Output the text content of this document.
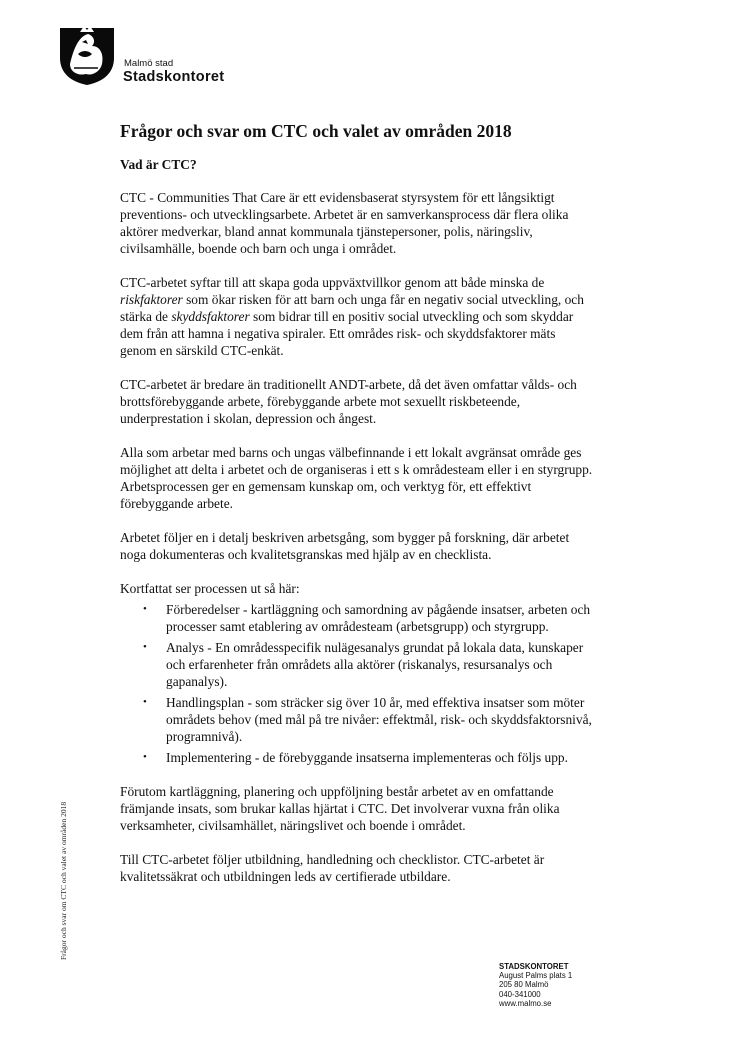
Malmö stad
Stadskontoret
Frågor och svar om CTC och valet av områden 2018
Vad är CTC?

CTC - Communities That Care är ett evidensbaserat styrsystem för ett långsiktigt preventions- och utvecklingsarbete. Arbetet är en samverkansprocess där flera olika aktörer medverkar, bland annat kommunala tjänstepersoner, polis, näringsliv, civilsamhälle, boende och barn och unga i området.

CTC-arbetet syftar till att skapa goda uppväxtvillkor genom att både minska de riskfaktorer som ökar risken för att barn och unga får en negativ social utveckling, och stärka de skyddsfaktorer som bidrar till en positiv social utveckling och som skyddar dem från att hamna i negativa spiraler. Ett områdes risk- och skyddsfaktorer mäts genom en särskild CTC-enkät.

CTC-arbetet är bredare än traditionellt ANDT-arbete, då det även omfattar vålds- och brottsförebyggande arbete, förebyggande arbete mot sexuellt riskbeteende, underprestation i skolan, depression och ångest.

Alla som arbetar med barns och ungas välbefinnande i ett lokalt avgränsat område ges möjlighet att delta i arbetet och de organiseras i ett s k områdesteam eller i en styrgrupp. Arbetsprocessen ger en gemensam kunskap om, och verktyg för, ett effektivt förebyggande arbete.

Arbetet följer en i detalj beskriven arbetsgång, som bygger på forskning, där arbetet noga dokumenteras och kvalitetsgranskas med hjälp av en checklista.

Kortfattat ser processen ut så här:

• Förberedelser - kartläggning och samordning av pågående insatser, arbeten och processer samt etablering av områdesteam (arbetsgrupp) och styrgrupp.
• Analys - En områdesspecifik nulägesanalys grundat på lokala data, kunskaper och erfarenheter från områdets alla aktörer (riskanalys, resursanalys och gapanalys).
• Handlingsplan - som sträcker sig över 10 år, med effektiva insatser som möter områdets behov (med mål på tre nivåer: effektmål, risk- och skyddsfaktorsnivå, programnivå).
• Implementering - de förebyggande insatserna implementeras och följs upp.

Förutom kartläggning, planering och uppföljning består arbetet av en omfattande främjande insats, som brukar kallas hjärtat i CTC. Det involverar vuxna från olika verksamheter, civilsamhället, näringslivet och boende i området.

Till CTC-arbetet följer utbildning, handledning och checklistor. CTC-arbetet är kvalitetssäkrat och utbildningen leds av certifierade utbildare.

Frågor och svar om CTC och valet av områden 2018
STADSKONTORET
August Palms plats 1
205 80 Malmö
040-341000
www.malmo.se
